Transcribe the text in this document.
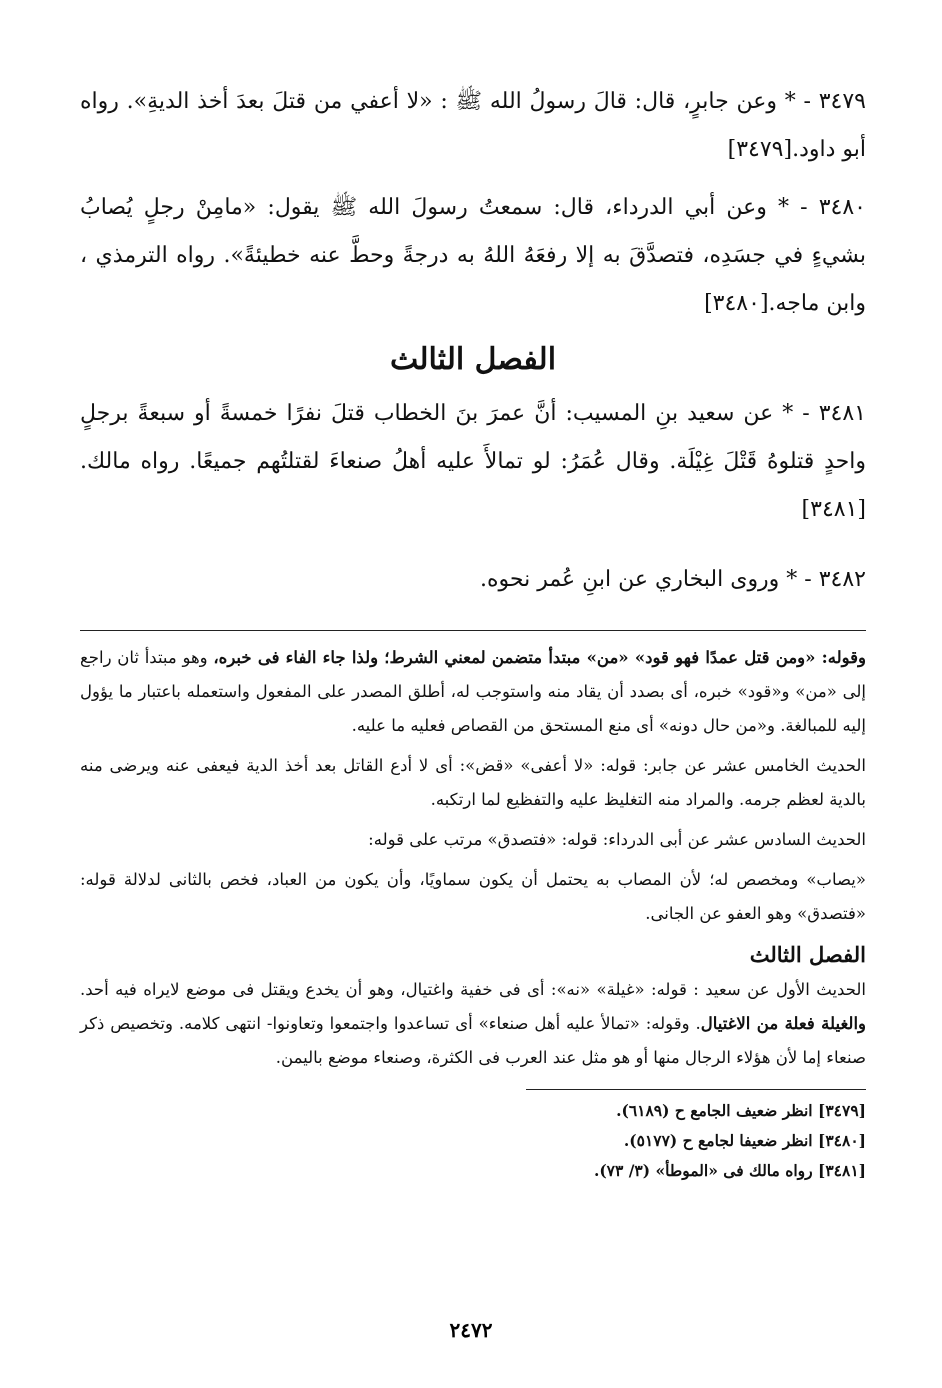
٣٤٧٩ - * وعن جابرٍ، قال: قالَ رسولُ الله ﷺ : «لا أعفي من قتلَ بعدَ أخذ الديةِ». رواه أبو داود.[٣٤٧٩]

٣٤٨٠ - * وعن أبي الدرداء، قال: سمعتُ رسولَ الله ﷺ يقول: «مامِنْ رجلٍ يُصابُ بشيءٍ في جسَدِه، فتصدَّقَ به إلا رفعَهُ اللهُ به درجةً وحطَّ عنه خطيئةً». رواه الترمذي ، وابن ماجه.[٣٤٨٠]

الفصل الثالث

٣٤٨١ - * عن سعيد بنِ المسيب: أنَّ عمرَ بنَ الخطاب قتلَ نفرًا خمسةً أو سبعةً برجلٍ واحدٍ قتلوهُ قَتْلَ غِيْلَة. وقال عُمَرُ: لو تمالأَ عليه أهلُ صنعاءَ لقتلتُهم جميعًا. رواه مالك.[٣٤٨١]

٣٤٨٢ - * وروى البخاري عن ابنِ عُمر نحوه.

وقوله: «ومن قتل عمدًا فهو قود» «من» مبتدأ متضمن لمعني الشرط؛ ولذا جاء الفاء فى خبره، وهو مبتدأ ثان راجع إلى «من» و«قود» خبره، أى بصدد أن يقاد منه واستوجب له، أطلق المصدر على المفعول واستعمله باعتبار ما يؤول إليه للمبالغة. و«من حال دونه» أى منع المستحق من القصاص فعليه ما عليه.

الحديث الخامس عشر عن جابر: قوله: «لا أعفى» «قض»: أى لا أدع القاتل بعد أخذ الدية فيعفى عنه ويرضى منه بالدية لعظم جرمه. والمراد منه التغليظ عليه والتفظيع لما ارتكبه.

الحديث السادس عشر عن أبى الدرداء: قوله: «فتصدق» مرتب على قوله:

«يصاب» ومخصص له؛ لأن المصاب به يحتمل أن يكون سماويًا، وأن يكون من العباد، فخص بالثانى لدلالة قوله: «فتصدق» وهو العفو عن الجانى.

الفصل الثالث

الحديث الأول عن سعيد : قوله: «غيلة» «نه»: أى فى خفية واغتيال، وهو أن يخدع ويقتل فى موضع لايراه فيه أحد. والغيلة فعلة من الاغتيال. وقوله: «تمالأ عليه أهل صنعاء» أى تساعدوا واجتمعوا وتعاونوا- انتهى كلامه. وتخصيص ذكر صنعاء إما لأن هؤلاء الرجال منها أو هو مثل عند العرب فى الكثرة، وصنعاء موضع باليمن.

[٣٤٧٩] انظر ضعيف الجامع ح (٦١٨٩).

[٣٤٨٠] انظر ضعيفا لجامع ح (٥١٧٧).

[٣٤٨١] رواه مالك فى «الموطأ» (٣/ ٧٣).

٢٤٧٢
